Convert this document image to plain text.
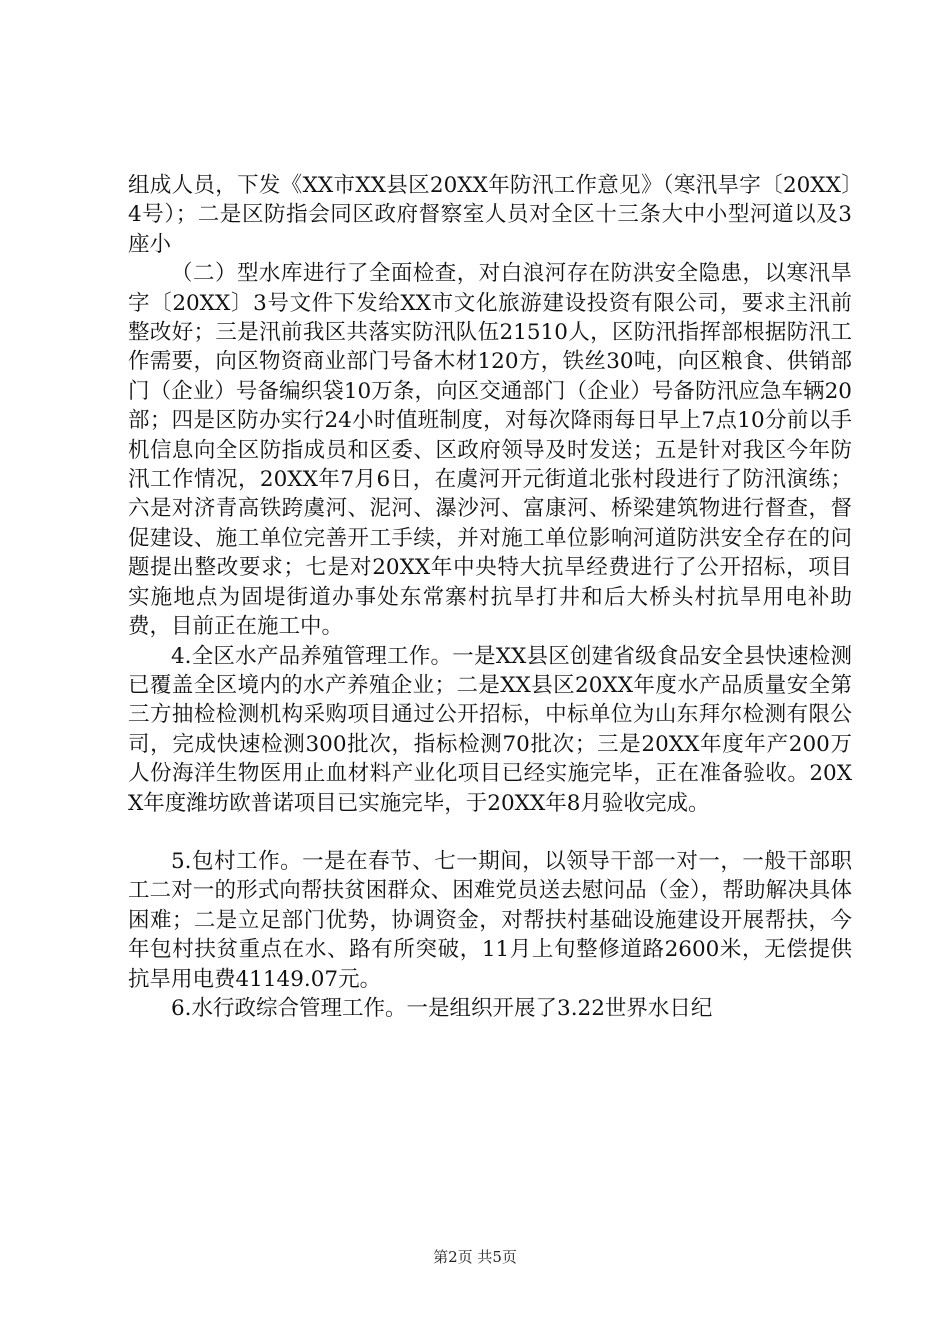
组成人员，下发《XX市XX县区20XX年防汛工作意见》（寒汛旱字〔20XX〕4号）；二是区防指会同区政府督察室人员对全区十三条大中小型河道以及3座小

（二）型水库进行了全面检查，对白浪河存在防洪安全隐患，以寒汛旱字〔20XX〕3号文件下发给XX市文化旅游建设投资有限公司，要求主汛前整改好；三是汛前我区共落实防汛队伍21510人，区防汛指挥部根据防汛工作需要，向区物资商业部门号备木材120方，铁丝30吨，向区粮食、供销部门（企业）号备编织袋10万条，向区交通部门（企业）号备防汛应急车辆20部；四是区防办实行24小时值班制度，对每次降雨每日早上7点10分前以手机信息向全区防指成员和区委、区政府领导及时发送；五是针对我区今年防汛工作情况，20XX年7月6日，在虞河开元街道北张村段进行了防汛演练；六是对济青高铁跨虞河、泥河、瀑沙河、富康河、桥梁建筑物进行督查，督促建设、施工单位完善开工手续，并对施工单位影响河道防洪安全存在的问题提出整改要求；七是对20XX年中央特大抗旱经费进行了公开招标，项目实施地点为固堤街道办事处东常寨村抗旱打井和后大桥头村抗旱用电补助费，目前正在施工中。

4.全区水产品养殖管理工作。一是XX县区创建省级食品安全县快速检测已覆盖全区境内的水产养殖企业；二是XX县区20XX年度水产品质量安全第三方抽检检测机构采购项目通过公开招标，中标单位为山东拜尔检测有限公司，完成快速检测300批次，指标检测70批次；三是20XX年度年产200万人份海洋生物医用止血材料产业化项目已经实施完毕，正在准备验收。20XX年度潍坊欧普诺项目已实施完毕，于20XX年8月验收完成。

5.包村工作。一是在春节、七一期间，以领导干部一对一，一般干部职工二对一的形式向帮扶贫困群众、困难党员送去慰问品（金），帮助解决具体困难；二是立足部门优势，协调资金，对帮扶村基础设施建设开展帮扶，今年包村扶贫重点在水、路有所突破，11月上旬整修道路2600米，无偿提供抗旱用电费41149.07元。

6.水行政综合管理工作。一是组织开展了3.22世界水日纪

第2页 共5页
